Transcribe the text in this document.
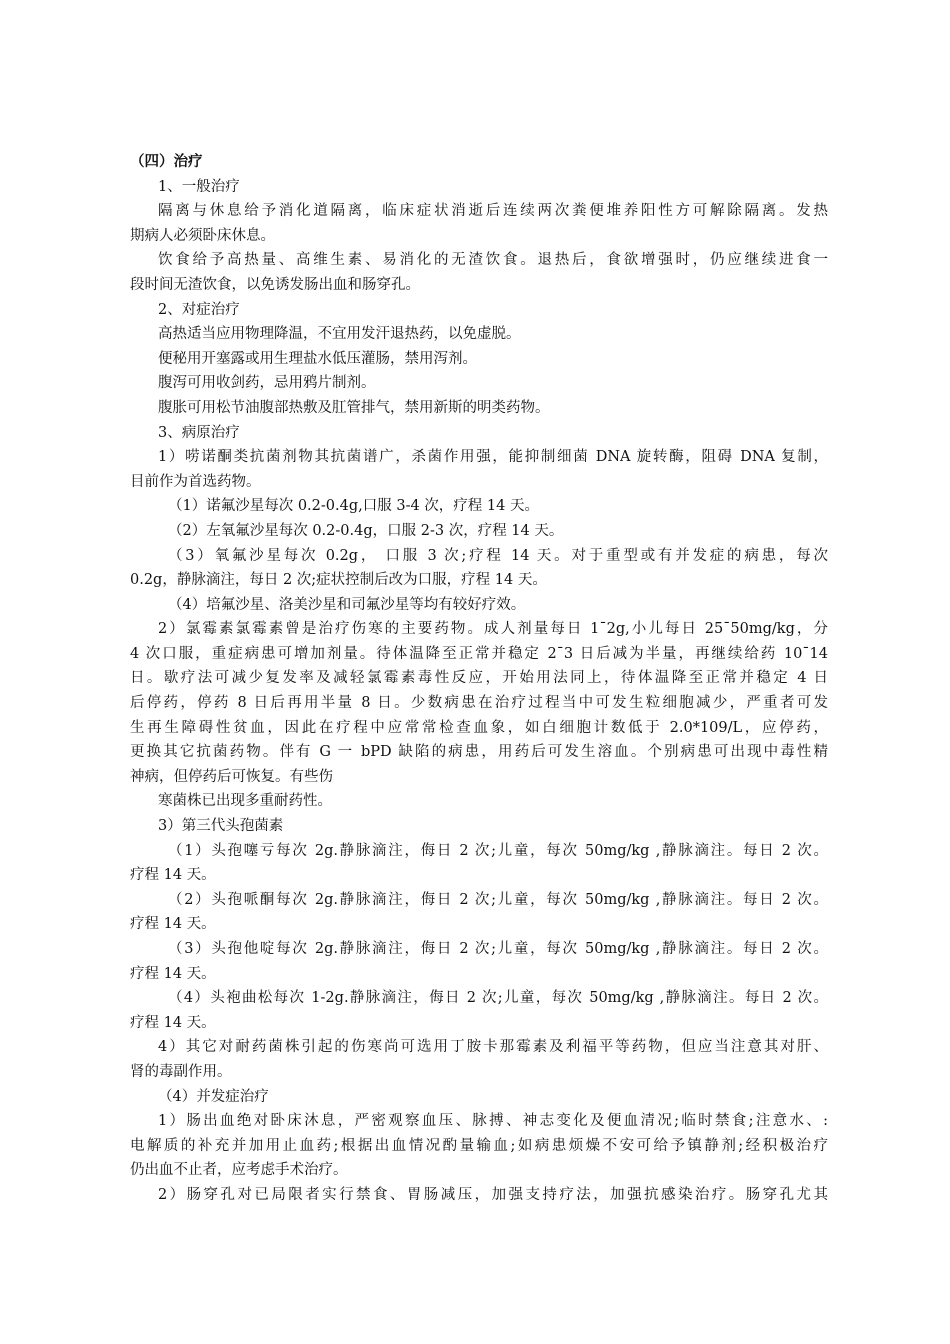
（四）治疗
1、一般治疗
隔离与休息给予消化道隔离，临床症状消逝后连续两次粪便堆养阳性方可解除隔离。发热
期病人必须卧床休息。
饮食给予高热量、高维生素、易消化的无渣饮食。退热后，食欲增强时，仍应继续进食一
段时间无渣饮食，以免诱发肠出血和肠穿孔。
2、对症治疗
高热适当应用物理降温，不宜用发汗退热药，以免虚脱。
便秘用开塞露或用生理盐水低压灌肠，禁用泻剂。
腹泻可用收剑药，忌用鸦片制剂。
腹胀可用松节油腹部热敷及肛管排气，禁用新斯的明类药物。
3、病原治疗
1）唠诺酮类抗菌剂物其抗菌谱广，杀菌作用强，能抑制细菌 DNA 旋转酶，阻碍 DNA 复制，
目前作为首选药物。
（1）诺氟沙星每次 0.2-0.4g,口服 3-4 次，疗程 14 天。
（2）左氧氟沙星每次 0.2-0.4g，口服 2-3 次，疗程 14 天。
（3）氧氟沙星每次 0.2g， 口服 3 次;疗程 14 天。对于重型或有并发症的病患，每次
0.2g，静脉滴注，每日 2 次;症状控制后改为口服，疗程 14 天。
（4）培氟沙星、洛美沙星和司氟沙星等均有较好疗效。
2）氯霉素氯霉素曾是治疗伤寒的主要药物。成人剂量每日 1¯2g,小儿每日 25¯50mg/kg，分
4 次口服，重症病患可增加剂量。待体温降至正常并稳定 2¯3 日后减为半量，再继续给药 10¯14
日。歇疗法可减少复发率及减轻氯霉素毒性反应，开始用法同上，待体温降至正常并稳定 4 日
后停药，停药 8 日后再用半量 8 日。少数病患在治疗过程当中可发生粒细胞减少，严重者可发
生再生障碍性贫血，因此在疗程中应常常检查血象，如白细胞计数低于 2.0*109/L，应停药，
更换其它抗菌药物。伴有 G 一 bPD 缺陷的病患，用药后可发生溶血。个别病患可出现中毒性精
神病，但停药后可恢复。有些伤
寒菌株已出现多重耐药性。
3）第三代头孢菌素
（1）头孢噻亏每次 2g.静脉滴注，侮日 2 次;儿童，每次 50mg/kg ,静脉滴注。每日 2 次。
疗程 14 天。
（2）头孢哌酮每次 2g.静脉滴注，侮日 2 次;儿童，每次 50mg/kg ,静脉滴注。每日 2 次。
疗程 14 天。
（3）头孢他啶每次 2g.静脉滴注，侮日 2 次;儿童，每次 50mg/kg ,静脉滴注。每日 2 次。
疗程 14 天。
（4）头袍曲松每次 1-2g.静脉滴注，侮日 2 次;儿童，每次 50mg/kg ,静脉滴注。每日 2 次。
疗程 14 天。
4）其它对耐药菌株引起的伤寒尚可选用丁胺卡那霉素及利福平等药物，但应当注意其对肝、
肾的毒副作用。
（4）并发症治疗
1）肠出血绝对卧床沐息，严密观察血压、脉搏、神志变化及便血清况;临时禁食;注意水、:
电解质的补充并加用止血药;根据出血情况酌量输血;如病患烦燥不安可给予镇静剂;经积极治疗
仍出血不止者，应考虑手术治疗。
2）肠穿孔对已局限者实行禁食、胃肠减压，加强支持疗法，加强抗感染治疗。肠穿孔尤其
